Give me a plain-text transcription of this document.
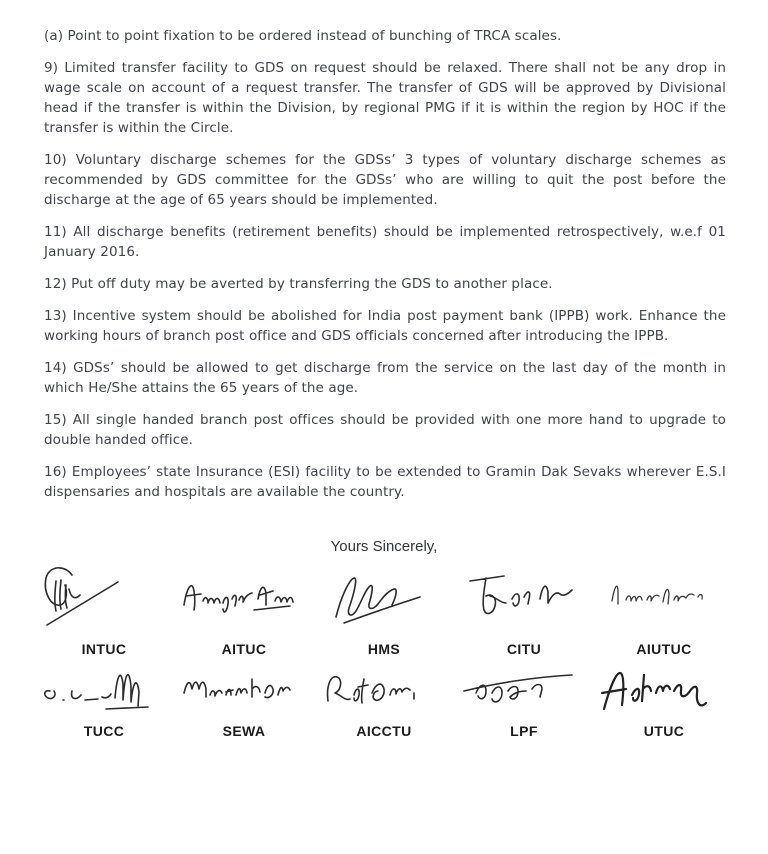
(a) Point to point fixation to be ordered instead of bunching of TRCA scales.

9) Limited transfer facility to GDS on request should be relaxed. There shall not be any drop in wage scale on account of a request transfer. The transfer of GDS will be approved by Divisional head if the transfer is within the Division, by regional PMG if it is within the region by HOC if the transfer is within the Circle.

10) Voluntary discharge schemes for the GDSs’ 3 types of voluntary discharge schemes as recommended by GDS committee for the GDSs’ who are willing to quit the post before the discharge at the age of 65 years should be implemented.

11) All discharge benefits (retirement benefits) should be implemented retrospectively, w.e.f 01 January 2016.

12) Put off duty may be averted by transferring the GDS to another place.

13) Incentive system should be abolished for India post payment bank (IPPB) work. Enhance the working hours of branch post office and GDS officials concerned after introducing the IPPB.

14) GDSs’ should be allowed to get discharge from the service on the last day of the month in which He/She attains the 65 years of the age.

15) All single handed branch post offices should be provided with one more hand to upgrade to double handed office.

16) Employees’ state Insurance (ESI) facility to be extended to Gramin Dak Sevaks wherever E.S.I dispensaries and hospitals are available the country.

Yours Sincerely,
INTUC	AITUC	HMS	CITU	AIUTUC
TUCC	SEWA	AICCTU	LPF	UTUC
